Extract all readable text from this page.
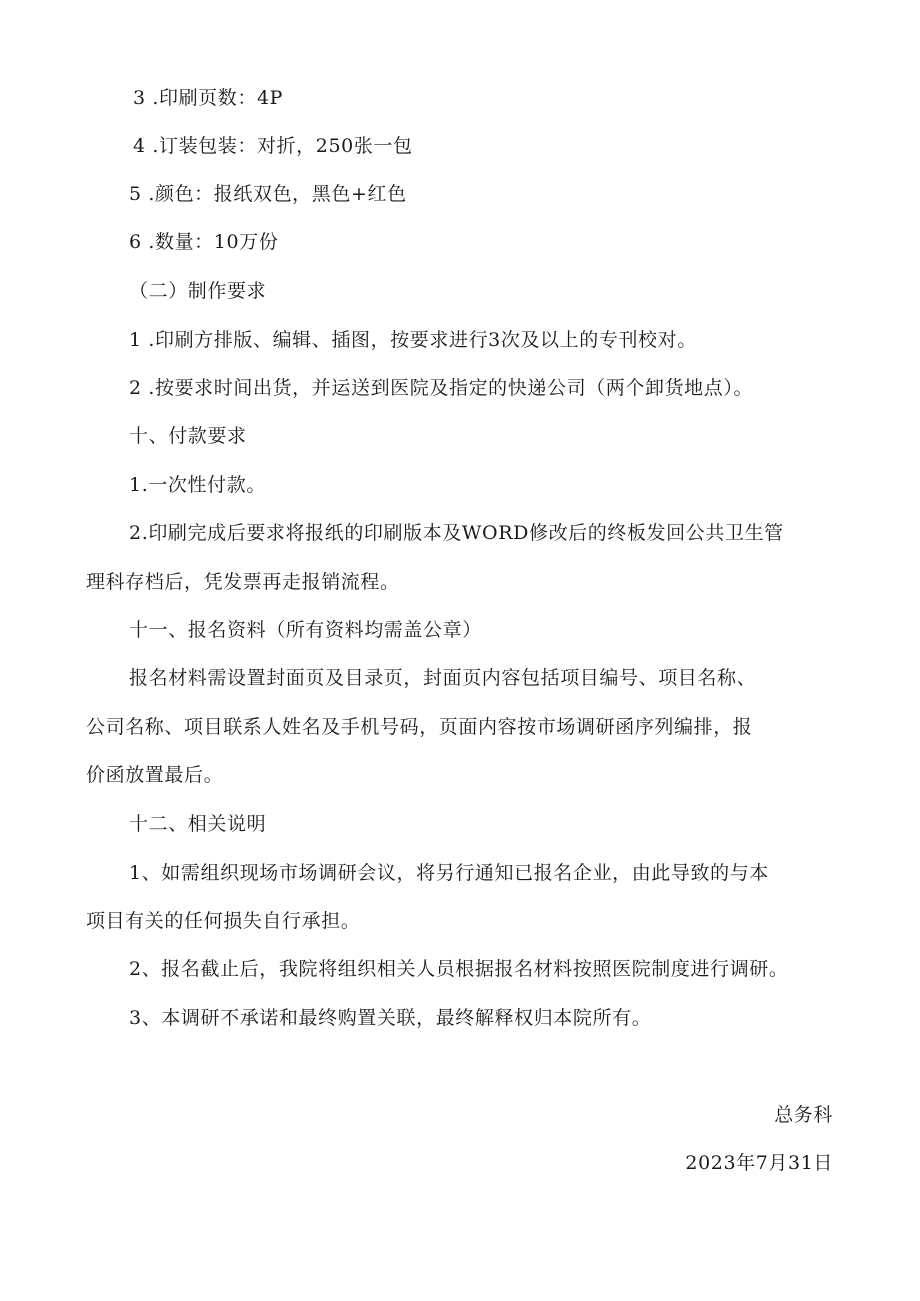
3 .印刷页数：4P
4 .订装包装：对折，250张一包
5 .颜色：报纸双色，黑色+红色
6 .数量：10万份
（二）制作要求
1 .印刷方排版、编辑、插图，按要求进行3次及以上的专刊校对。
2 .按要求时间出货，并运送到医院及指定的快递公司（两个卸货地点）。
十、付款要求
1.一次性付款。
2.印刷完成后要求将报纸的印刷版本及WORD修改后的终板发回公共卫生管
理科存档后，凭发票再走报销流程。
十一、报名资料（所有资料均需盖公章）
报名材料需设置封面页及目录页，封面页内容包括项目编号、项目名称、
公司名称、项目联系人姓名及手机号码，页面内容按市场调研函序列编排，报
价函放置最后。
十二、相关说明
1、如需组织现场市场调研会议，将另行通知已报名企业，由此导致的与本
项目有关的任何损失自行承担。
2、报名截止后，我院将组织相关人员根据报名材料按照医院制度进行调研。
3、本调研不承诺和最终购置关联，最终解释权归本院所有。
总务科
2023年7月31日
